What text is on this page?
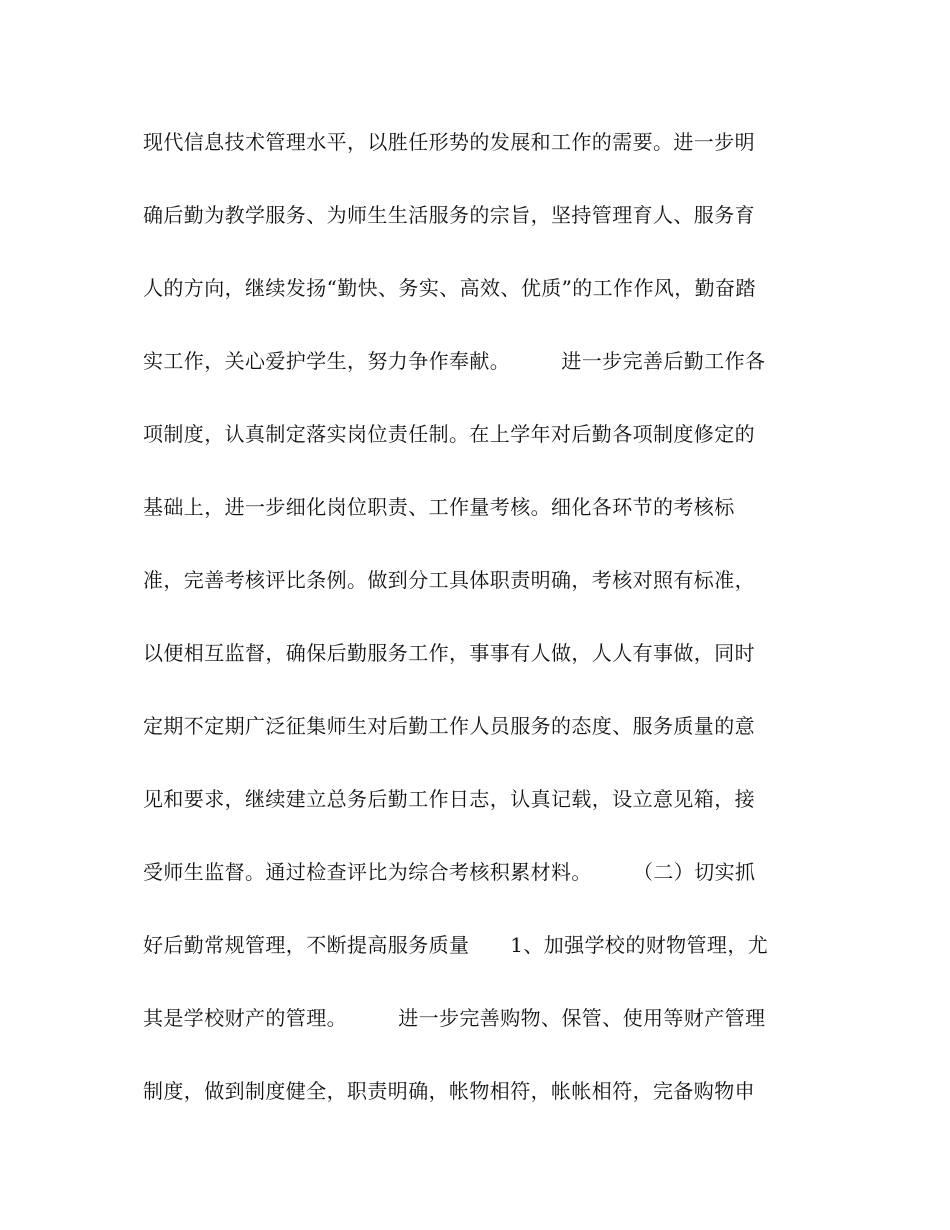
现代信息技术管理水平，以胜任形势的发展和工作的需要。进一步明
确后勤为教学服务、为师生生活服务的宗旨，坚持管理育人、服务育
人的方向，继续发扬“勤快、务实、高效、优质”的工作作风，勤奋踏
实工作，关心爱护学生，努力争作奉献。　　　进一步完善后勤工作各
项制度，认真制定落实岗位责任制。在上学年对后勤各项制度修定的
基础上，进一步细化岗位职责、工作量考核。细化各环节的考核标
准，完善考核评比条例。做到分工具体职责明确，考核对照有标准，
以便相互监督，确保后勤服务工作，事事有人做，人人有事做，同时
定期不定期广泛征集师生对后勤工作人员服务的态度、服务质量的意
见和要求，继续建立总务后勤工作日志，认真记载，设立意见箱，接
受师生监督。通过检查评比为综合考核积累材料。　　　（二）切实抓
好后勤常规管理，不断提高服务质量　　1、加强学校的财物管理，尤
其是学校财产的管理。　　　进一步完善购物、保管、使用等财产管理
制度，做到制度健全，职责明确，帐物相符，帐帐相符，完备购物申
